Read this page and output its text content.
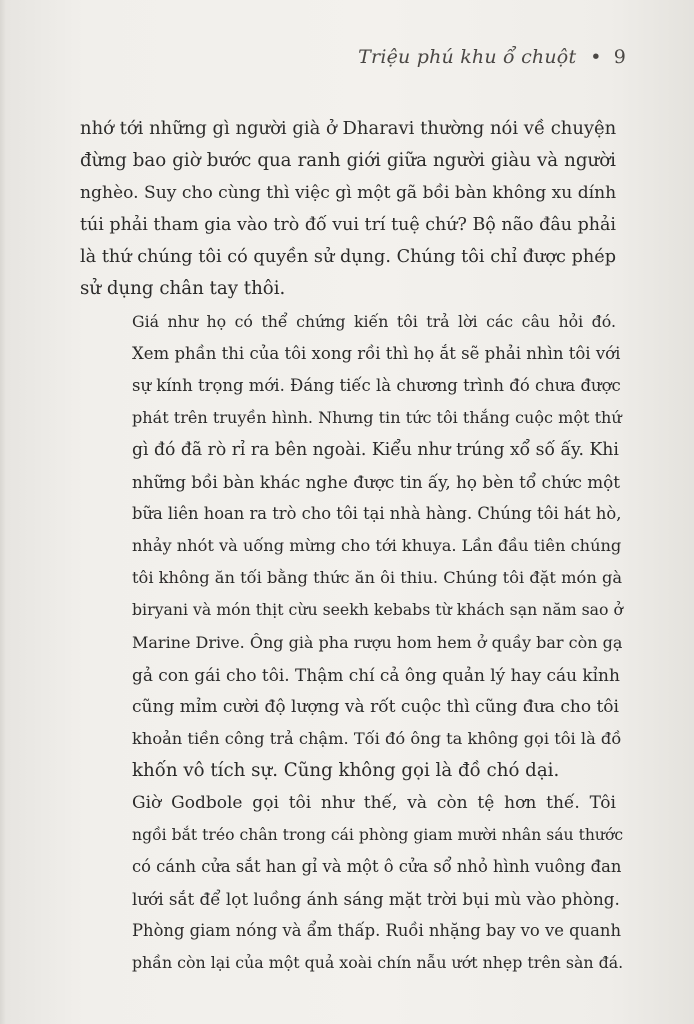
Triệu phú khu ổ chuột • 9

nhớ tới những gì người già ở Dharavi thường nói về chuyện
đừng bao giờ bước qua ranh giới giữa người giàu và người
nghèo. Suy cho cùng thì việc gì một gã bồi bàn không xu dính
túi phải tham gia vào trò đố vui trí tuệ chứ? Bộ não đâu phải
là thứ chúng tôi có quyền sử dụng. Chúng tôi chỉ được phép
sử dụng chân tay thôi.

Giá như họ có thể chứng kiến tôi trả lời các câu hỏi đó.
Xem phần thi của tôi xong rồi thì họ ắt sẽ phải nhìn tôi với
sự kính trọng mới. Đáng tiếc là chương trình đó chưa được
phát trên truyền hình. Nhưng tin tức tôi thắng cuộc một thứ
gì đó đã rò rỉ ra bên ngoài. Kiểu như trúng xổ số ấy. Khi
những bồi bàn khác nghe được tin ấy, họ bèn tổ chức một
bữa liên hoan ra trò cho tôi tại nhà hàng. Chúng tôi hát hò,
nhảy nhót và uống mừng cho tới khuya. Lần đầu tiên chúng
tôi không ăn tối bằng thức ăn ôi thiu. Chúng tôi đặt món gà
biryani và món thịt cừu seekh kebabs từ khách sạn năm sao ở
Marine Drive. Ông già pha rượu hom hem ở quầy bar còn gạ
gả con gái cho tôi. Thậm chí cả ông quản lý hay cáu kỉnh
cũng mỉm cười độ lượng và rốt cuộc thì cũng đưa cho tôi
khoản tiền công trả chậm. Tối đó ông ta không gọi tôi là đồ
khốn vô tích sự. Cũng không gọi là đồ chó dại.

Giờ Godbole gọi tôi như thế, và còn tệ hơn thế. Tôi
ngồi bắt tréo chân trong cái phòng giam mười nhân sáu thước
có cánh cửa sắt han gỉ và một ô cửa sổ nhỏ hình vuông đan
lưới sắt để lọt luồng ánh sáng mặt trời bụi mù vào phòng.
Phòng giam nóng và ẩm thấp. Ruồi nhặng bay vo ve quanh
phần còn lại của một quả xoài chín nẫu ướt nhẹp trên sàn đá.
